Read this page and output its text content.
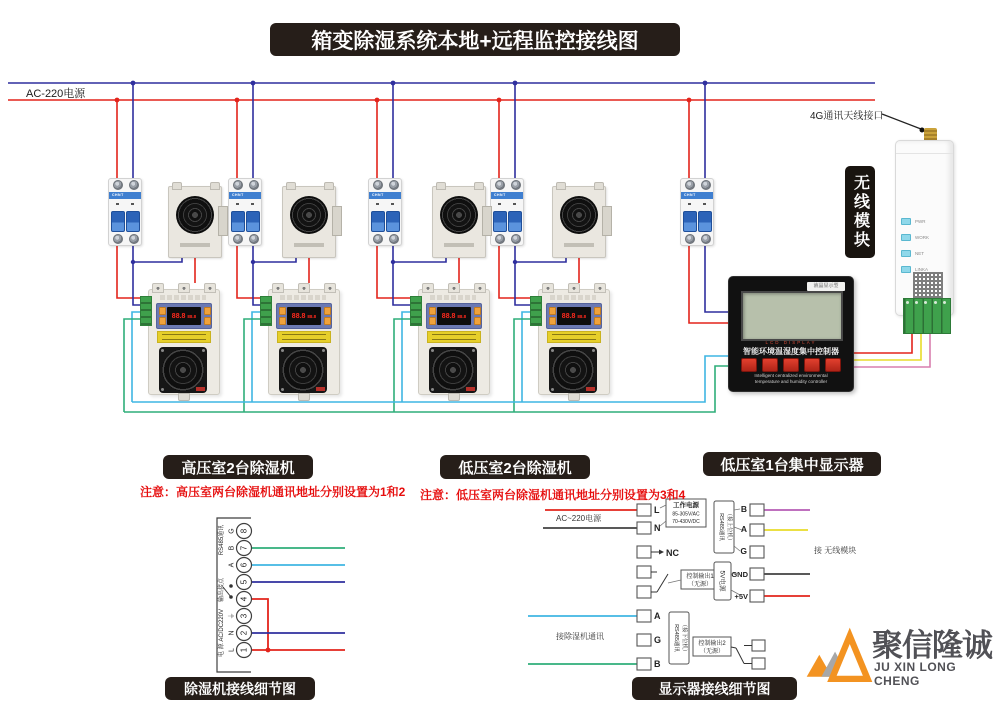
8
7
6
5
4
3
2
1
G
B
A
⏚
N
L
RS485通讯
输出接点
电 源 AC/DC220V
L
N
NC
A
G
B
工作电源
85-305V/AC
70-430V/DC
控制输出1
（无源）
RS485通讯 （接下位机）
AC~220电源
接除湿机通讯
B
A
G
GND
+5V
RS485通讯 （接上位机）
5V电源
控制输出2
（无源）
接 无线模块
箱变除湿系统本地+远程监控接线图
AC-220电源
CHNT	CHNT	CHNT	CHNT	CHNT
88.8 88.8	88.8 88.8	88.8 88.8	88.8 88.8
液晶显示型
LCD DISPLAY
智能环境温湿度集中控制器
Intelligent centralized environmental
temperature and humidity controller
PWR
WORK
NET
LINKA
无线模块
4G通讯天线接口
高压室2台除湿机	低压室2台除湿机	低压室1台集中显示器
除湿机接线细节图	显示器接线细节图
注意：高压室两台除湿机通讯地址分别设置为1和2 注意：低压室两台除湿机通讯地址分别设置为3和4
聚信隆诚
JU XIN LONG CHENG
